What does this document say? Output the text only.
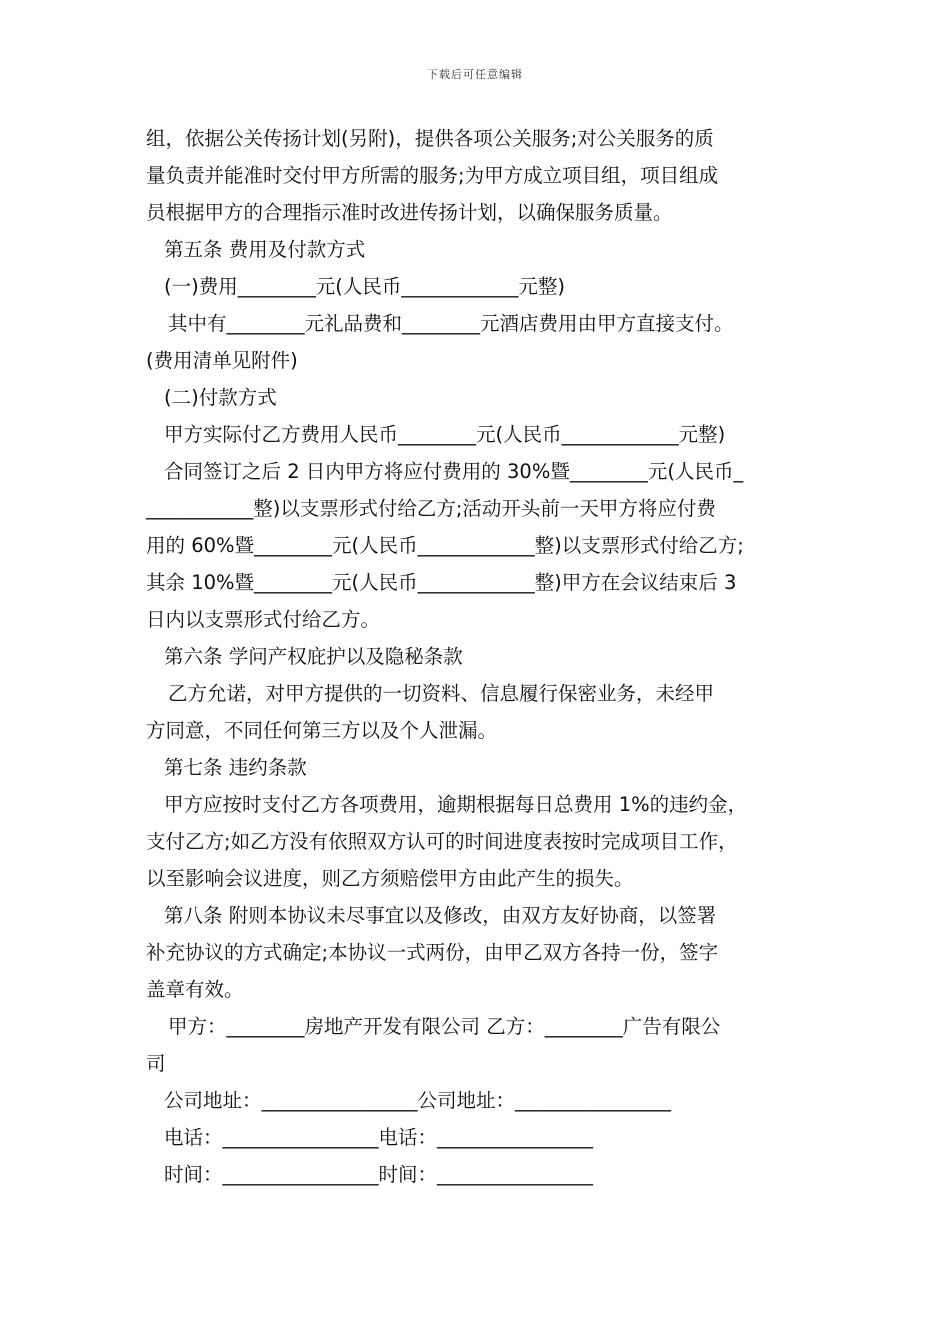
下载后可任意编辑
组，依据公关传扬计划(另附)，提供各项公关服务;对公关服务的质
量负责并能准时交付甲方所需的服务;为甲方成立项目组，项目组成
员根据甲方的合理指示准时改进传扬计划，以确保服务质量。
第五条 费用及付款方式
(一)费用________元(人民币____________元整)
其中有________元礼品费和________元酒店费用由甲方直接支付。
(费用清单见附件)
(二)付款方式
甲方实际付乙方费用人民币________元(人民币____________元整)
合同签订之后 2 日内甲方将应付费用的 30%暨________元(人民币_
___________整)以支票形式付给乙方;活动开头前一天甲方将应付费
用的 60%暨________元(人民币____________整)以支票形式付给乙方;
其余 10%暨________元(人民币____________整)甲方在会议结束后 3
日内以支票形式付给乙方。
第六条 学问产权庇护以及隐秘条款
乙方允诺，对甲方提供的一切资料、信息履行保密业务，未经甲
方同意，不同任何第三方以及个人泄漏。
第七条 违约条款
甲方应按时支付乙方各项费用，逾期根据每日总费用 1%的违约金，
支付乙方;如乙方没有依照双方认可的时间进度表按时完成项目工作，
以至影响会议进度，则乙方须赔偿甲方由此产生的损失。
第八条 附则本协议未尽事宜以及修改，由双方友好协商，以签署
补充协议的方式确定;本协议一式两份，由甲乙双方各持一份，签字
盖章有效。
甲方：________房地产开发有限公司 乙方：________广告有限公
司
公司地址：________________公司地址：________________
电话：________________电话：________________
时间：________________时间：________________
